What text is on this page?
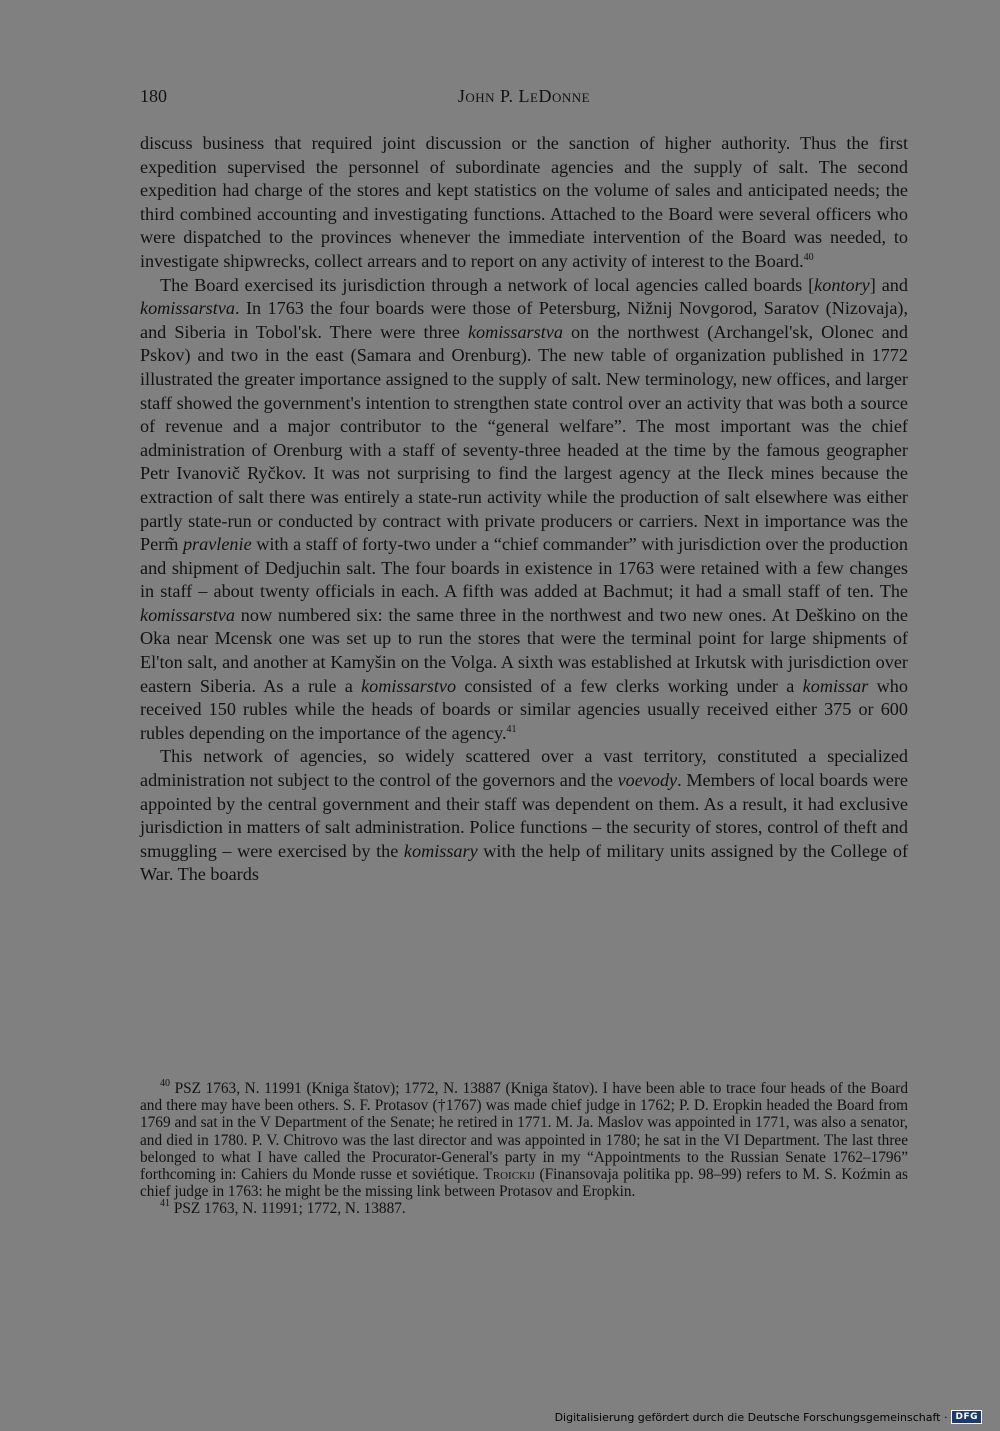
180	John P. LeDonne

discuss business that required joint discussion or the sanction of higher authority. Thus the first expedition supervised the personnel of subordinate agencies and the supply of salt. The second expedition had charge of the stores and kept statistics on the volume of sales and anticipated needs; the third combined accounting and investigating functions. Attached to the Board were several officers who were dispatched to the provinces whenever the immediate intervention of the Board was needed, to investigate shipwrecks, collect arrears and to report on any activity of interest to the Board.$^{40}$

The Board exercised its jurisdiction through a network of local agencies called boards [kontory] and komissarstva. In 1763 the four boards were those of Petersburg, Nižnij Novgorod, Saratov (Nizovaja), and Siberia in Tobol'sk. There were three komissarstva on the northwest (Archangel'sk, Olonec and Pskov) and two in the east (Samara and Orenburg). The new table of organization published in 1772 illustrated the greater importance assigned to the supply of salt. New terminology, new offices, and larger staff showed the government's intention to strengthen state control over an activity that was both a source of revenue and a major contributor to the “general welfare”. The most important was the chief administration of Orenburg with a staff of seventy-three headed at the time by the famous geographer Petr Ivanovič Ryčkov. It was not surprising to find the largest agency at the Ileck mines because the extraction of salt there was entirely a state-run activity while the production of salt elsewhere was either partly state-run or conducted by contract with private producers or carriers. Next in importance was the Perm̃ pravlenie with a staff of forty-two under a “chief commander” with jurisdiction over the production and shipment of Dedjuchin salt. The four boards in existence in 1763 were retained with a few changes in staff – about twenty officials in each. A fifth was added at Bachmut; it had a small staff of ten. The komissarstva now numbered six: the same three in the northwest and two new ones. At Deškino on the Oka near Mcensk one was set up to run the stores that were the terminal point for large shipments of El'ton salt, and another at Kamyšin on the Volga. A sixth was established at Irkutsk with jurisdiction over eastern Siberia. As a rule a komissarstvo consisted of a few clerks working under a komissar who received 150 rubles while the heads of boards or similar agencies usually received either 375 or 600 rubles depending on the importance of the agency.$^{41}$

This network of agencies, so widely scattered over a vast territory, constituted a specialized administration not subject to the control of the governors and the voevody. Members of local boards were appointed by the central government and their staff was dependent on them. As a result, it had exclusive jurisdiction in matters of salt administration. Police functions – the security of stores, control of theft and smuggling – were exercised by the komissary with the help of military units assigned by the College of War. The boards

$^{40}$ PSZ 1763, N. 11991 (Kniga štatov); 1772, N. 13887 (Kniga štatov). I have been able to trace four heads of the Board and there may have been others. S. F. Protasov (†1767) was made chief judge in 1762; P. D. Eropkin headed the Board from 1769 and sat in the V Department of the Senate; he retired in 1771. M. Ja. Maslov was appointed in 1771, was also a senator, and died in 1780. P. V. Chitrovo was the last director and was appointed in 1780; he sat in the VI Department. The last three belonged to what I have called the Procurator-General's party in my “Appointments to the Russian Senate 1762–1796” forthcoming in: Cahiers du Monde russe et soviétique. Troickij (Finansovaja politika pp. 98–99) refers to M. S. Koźmin as chief judge in 1763: he might be the missing link between Protasov and Eropkin.

$^{41}$ PSZ 1763, N. 11991; 1772, N. 13887.

Digitalisierung gefördert durch die Deutsche Forschungsgemeinschaft · DFG
